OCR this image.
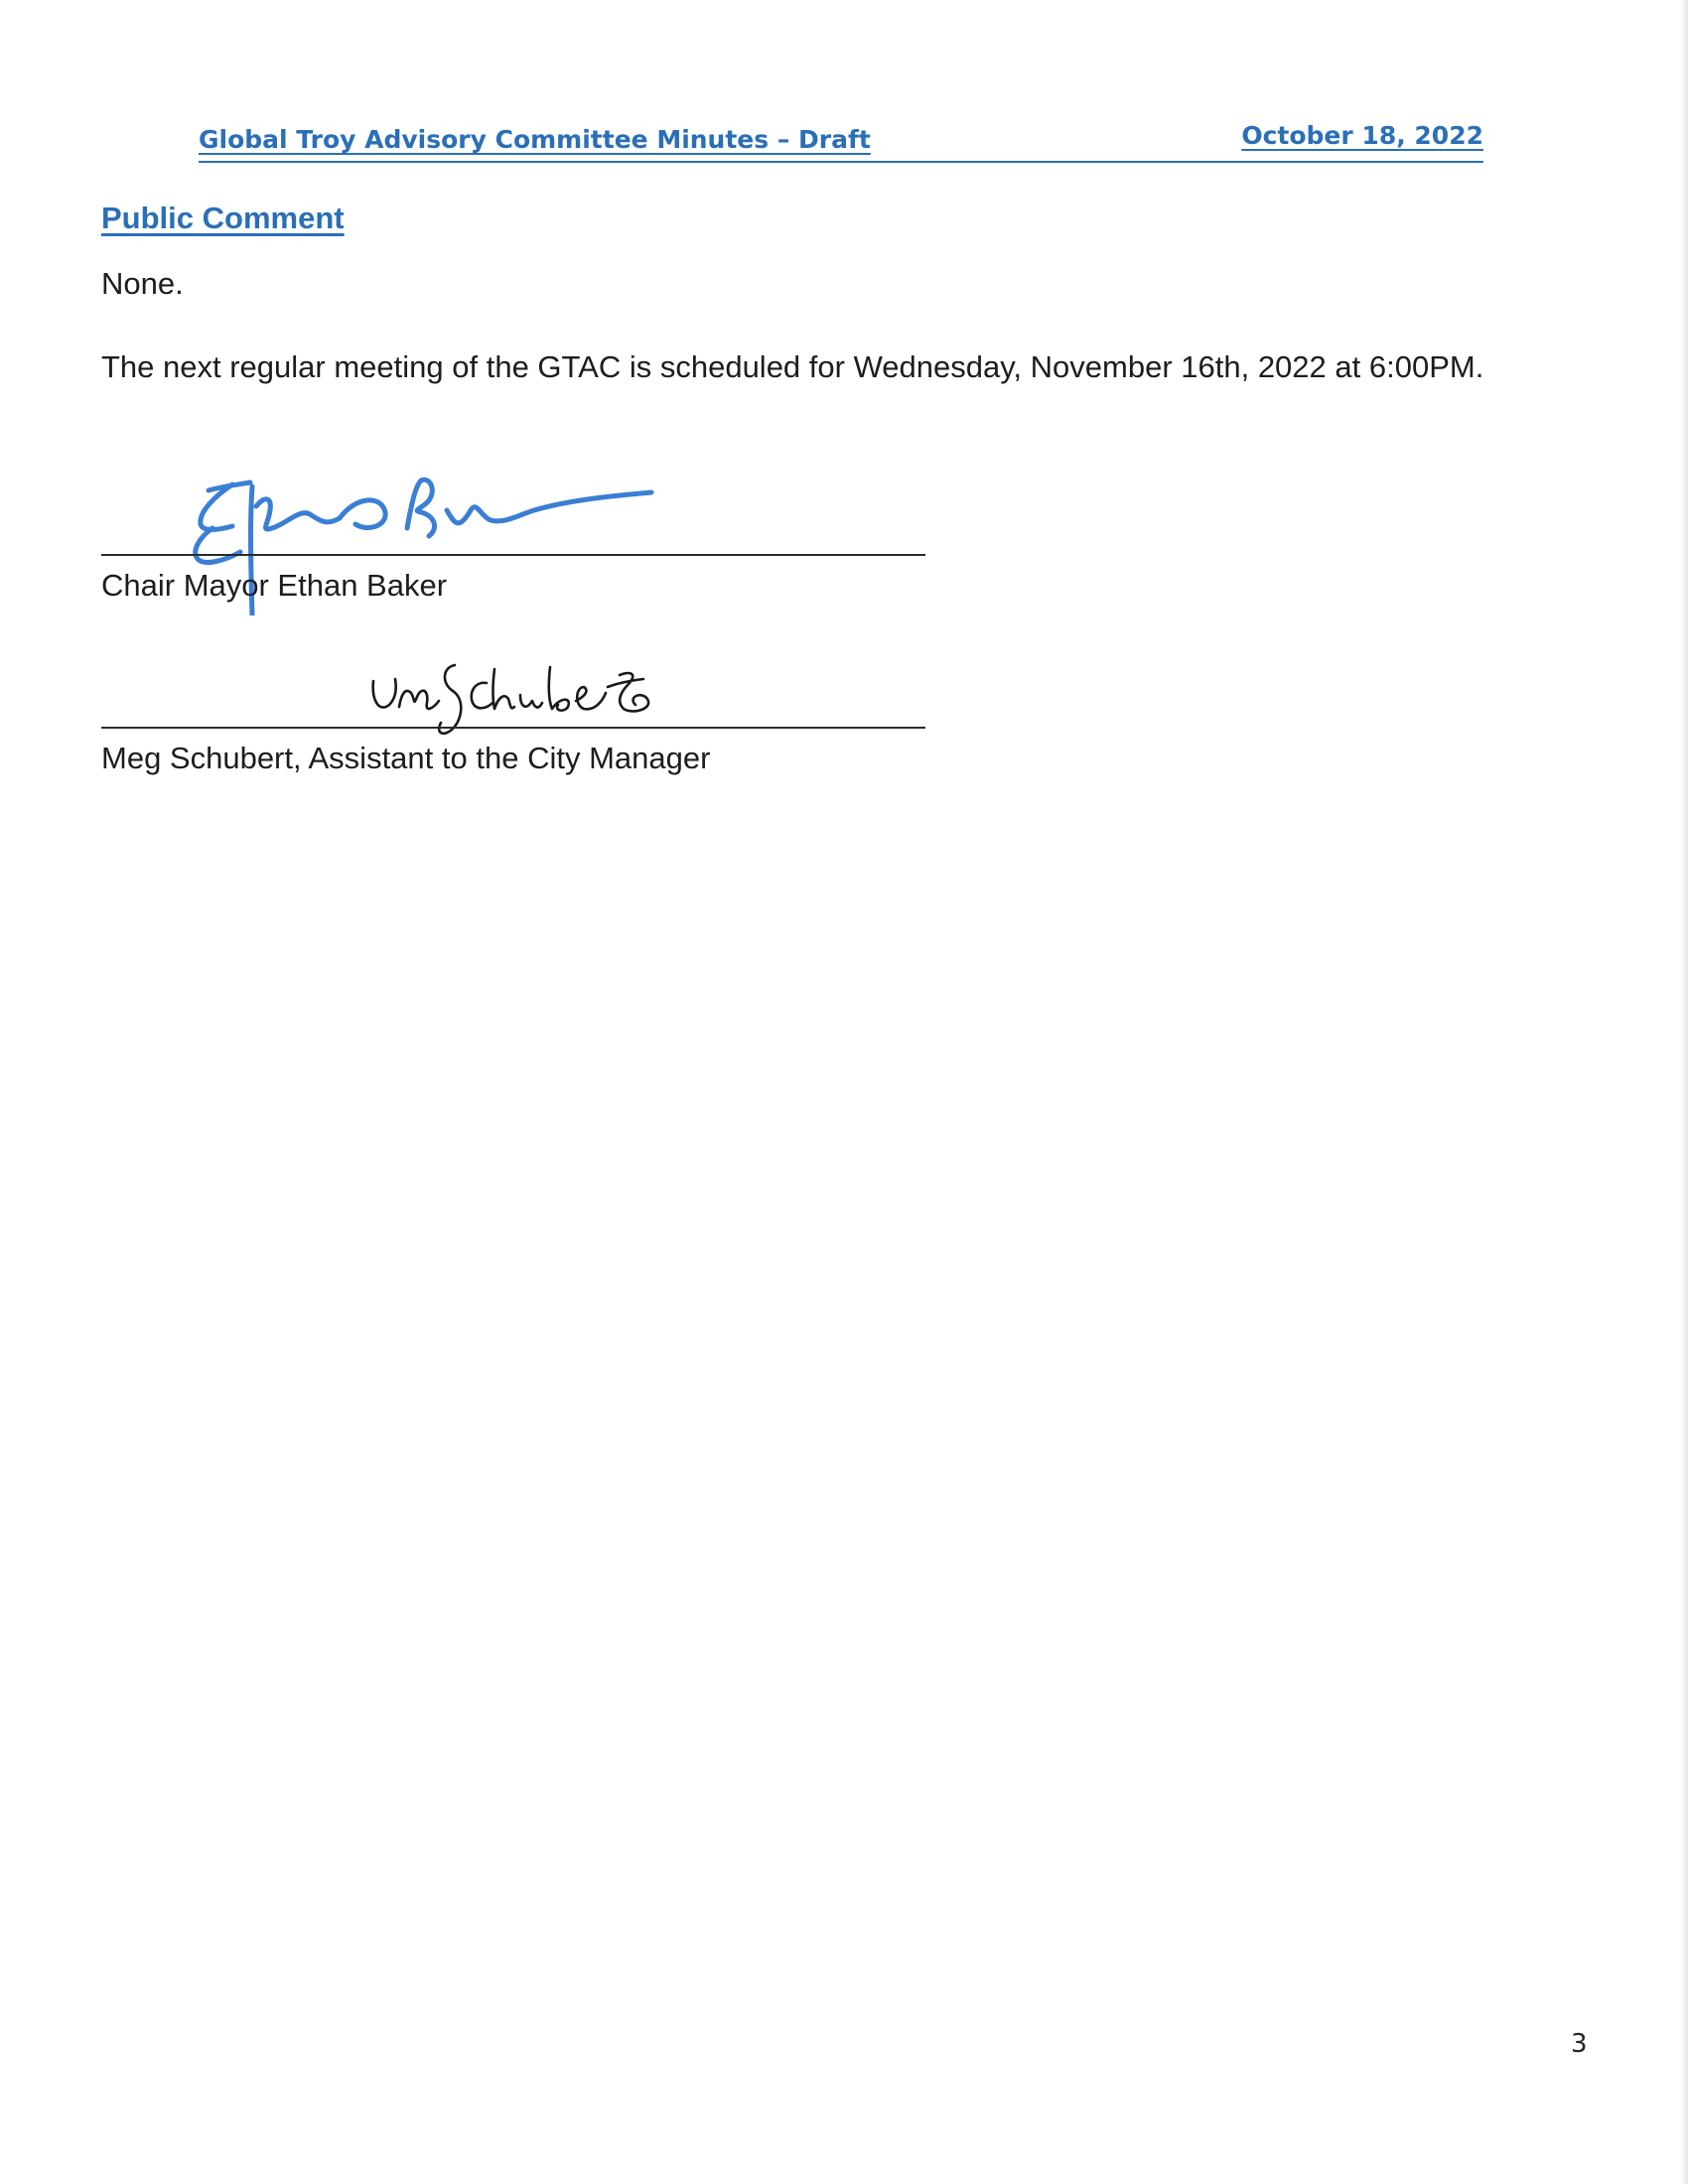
Global Troy Advisory Committee Minutes – Draft	October 18, 2022
Public Comment

None.

The next regular meeting of the GTAC is scheduled for Wednesday, November 16th, 2022 at 6:00PM.

Chair Mayor Ethan Baker
Meg Schubert, Assistant to the City Manager
3
